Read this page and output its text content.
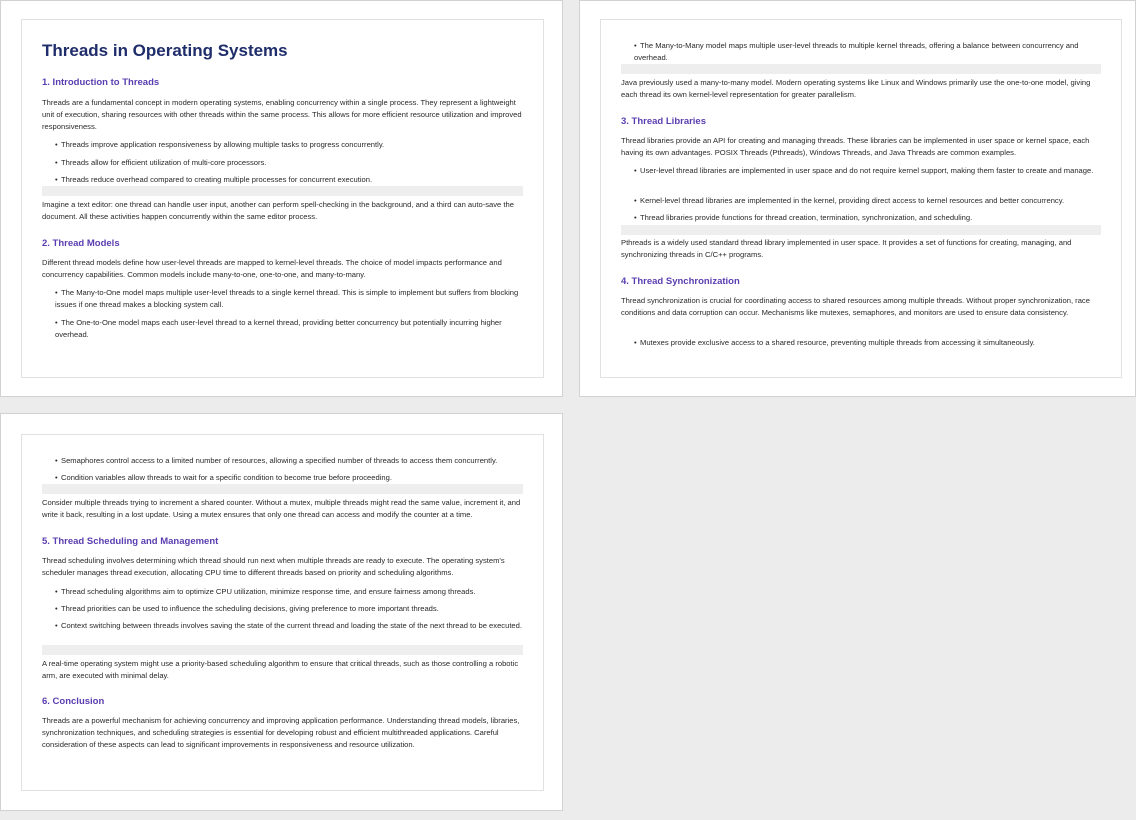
Threads in Operating Systems
1. Introduction to Threads
Threads are a fundamental concept in modern operating systems, enabling concurrency within a single process. They represent a lightweight unit of execution, sharing resources with other threads within the same process. This allows for more efficient resource utilization and improved responsiveness.
• Threads improve application responsiveness by allowing multiple tasks to progress concurrently.
• Threads allow for efficient utilization of multi-core processors.
• Threads reduce overhead compared to creating multiple processes for concurrent execution.
Imagine a text editor: one thread can handle user input, another can perform spell-checking in the background, and a third can auto-save the document. All these activities happen concurrently within the same editor process.
2. Thread Models
Different thread models define how user-level threads are mapped to kernel-level threads. The choice of model impacts performance and concurrency capabilities. Common models include many-to-one, one-to-one, and many-to-many.
• The Many-to-One model maps multiple user-level threads to a single kernel thread. This is simple to implement but suffers from blocking issues if one thread makes a blocking system call.
• The One-to-One model maps each user-level thread to a kernel thread, providing better concurrency but potentially incurring higher overhead.
• The Many-to-Many model maps multiple user-level threads to multiple kernel threads, offering a balance between concurrency and overhead.
Java previously used a many-to-many model. Modern operating systems like Linux and Windows primarily use the one-to-one model, giving each thread its own kernel-level representation for greater parallelism.
3. Thread Libraries
Thread libraries provide an API for creating and managing threads. These libraries can be implemented in user space or kernel space, each having its own advantages. POSIX Threads (Pthreads), Windows Threads, and Java Threads are common examples.
• User-level thread libraries are implemented in user space and do not require kernel support, making them faster to create and manage.
• Kernel-level thread libraries are implemented in the kernel, providing direct access to kernel resources and better concurrency.
• Thread libraries provide functions for thread creation, termination, synchronization, and scheduling.
Pthreads is a widely used standard thread library implemented in user space. It provides a set of functions for creating, managing, and synchronizing threads in C/C++ programs.
4. Thread Synchronization
Thread synchronization is crucial for coordinating access to shared resources among multiple threads. Without proper synchronization, race conditions and data corruption can occur. Mechanisms like mutexes, semaphores, and monitors are used to ensure data consistency.
• Mutexes provide exclusive access to a shared resource, preventing multiple threads from accessing it simultaneously.
• Semaphores control access to a limited number of resources, allowing a specified number of threads to access them concurrently.
• Condition variables allow threads to wait for a specific condition to become true before proceeding.
Consider multiple threads trying to increment a shared counter. Without a mutex, multiple threads might read the same value, increment it, and write it back, resulting in a lost update. Using a mutex ensures that only one thread can access and modify the counter at a time.
5. Thread Scheduling and Management
Thread scheduling involves determining which thread should run next when multiple threads are ready to execute. The operating system's scheduler manages thread execution, allocating CPU time to different threads based on priority and scheduling algorithms.
• Thread scheduling algorithms aim to optimize CPU utilization, minimize response time, and ensure fairness among threads.
• Thread priorities can be used to influence the scheduling decisions, giving preference to more important threads.
• Context switching between threads involves saving the state of the current thread and loading the state of the next thread to be executed.
A real-time operating system might use a priority-based scheduling algorithm to ensure that critical threads, such as those controlling a robotic arm, are executed with minimal delay.
6. Conclusion
Threads are a powerful mechanism for achieving concurrency and improving application performance. Understanding thread models, libraries, synchronization techniques, and scheduling strategies is essential for developing robust and efficient multithreaded applications. Careful consideration of these aspects can lead to significant improvements in responsiveness and resource utilization.
